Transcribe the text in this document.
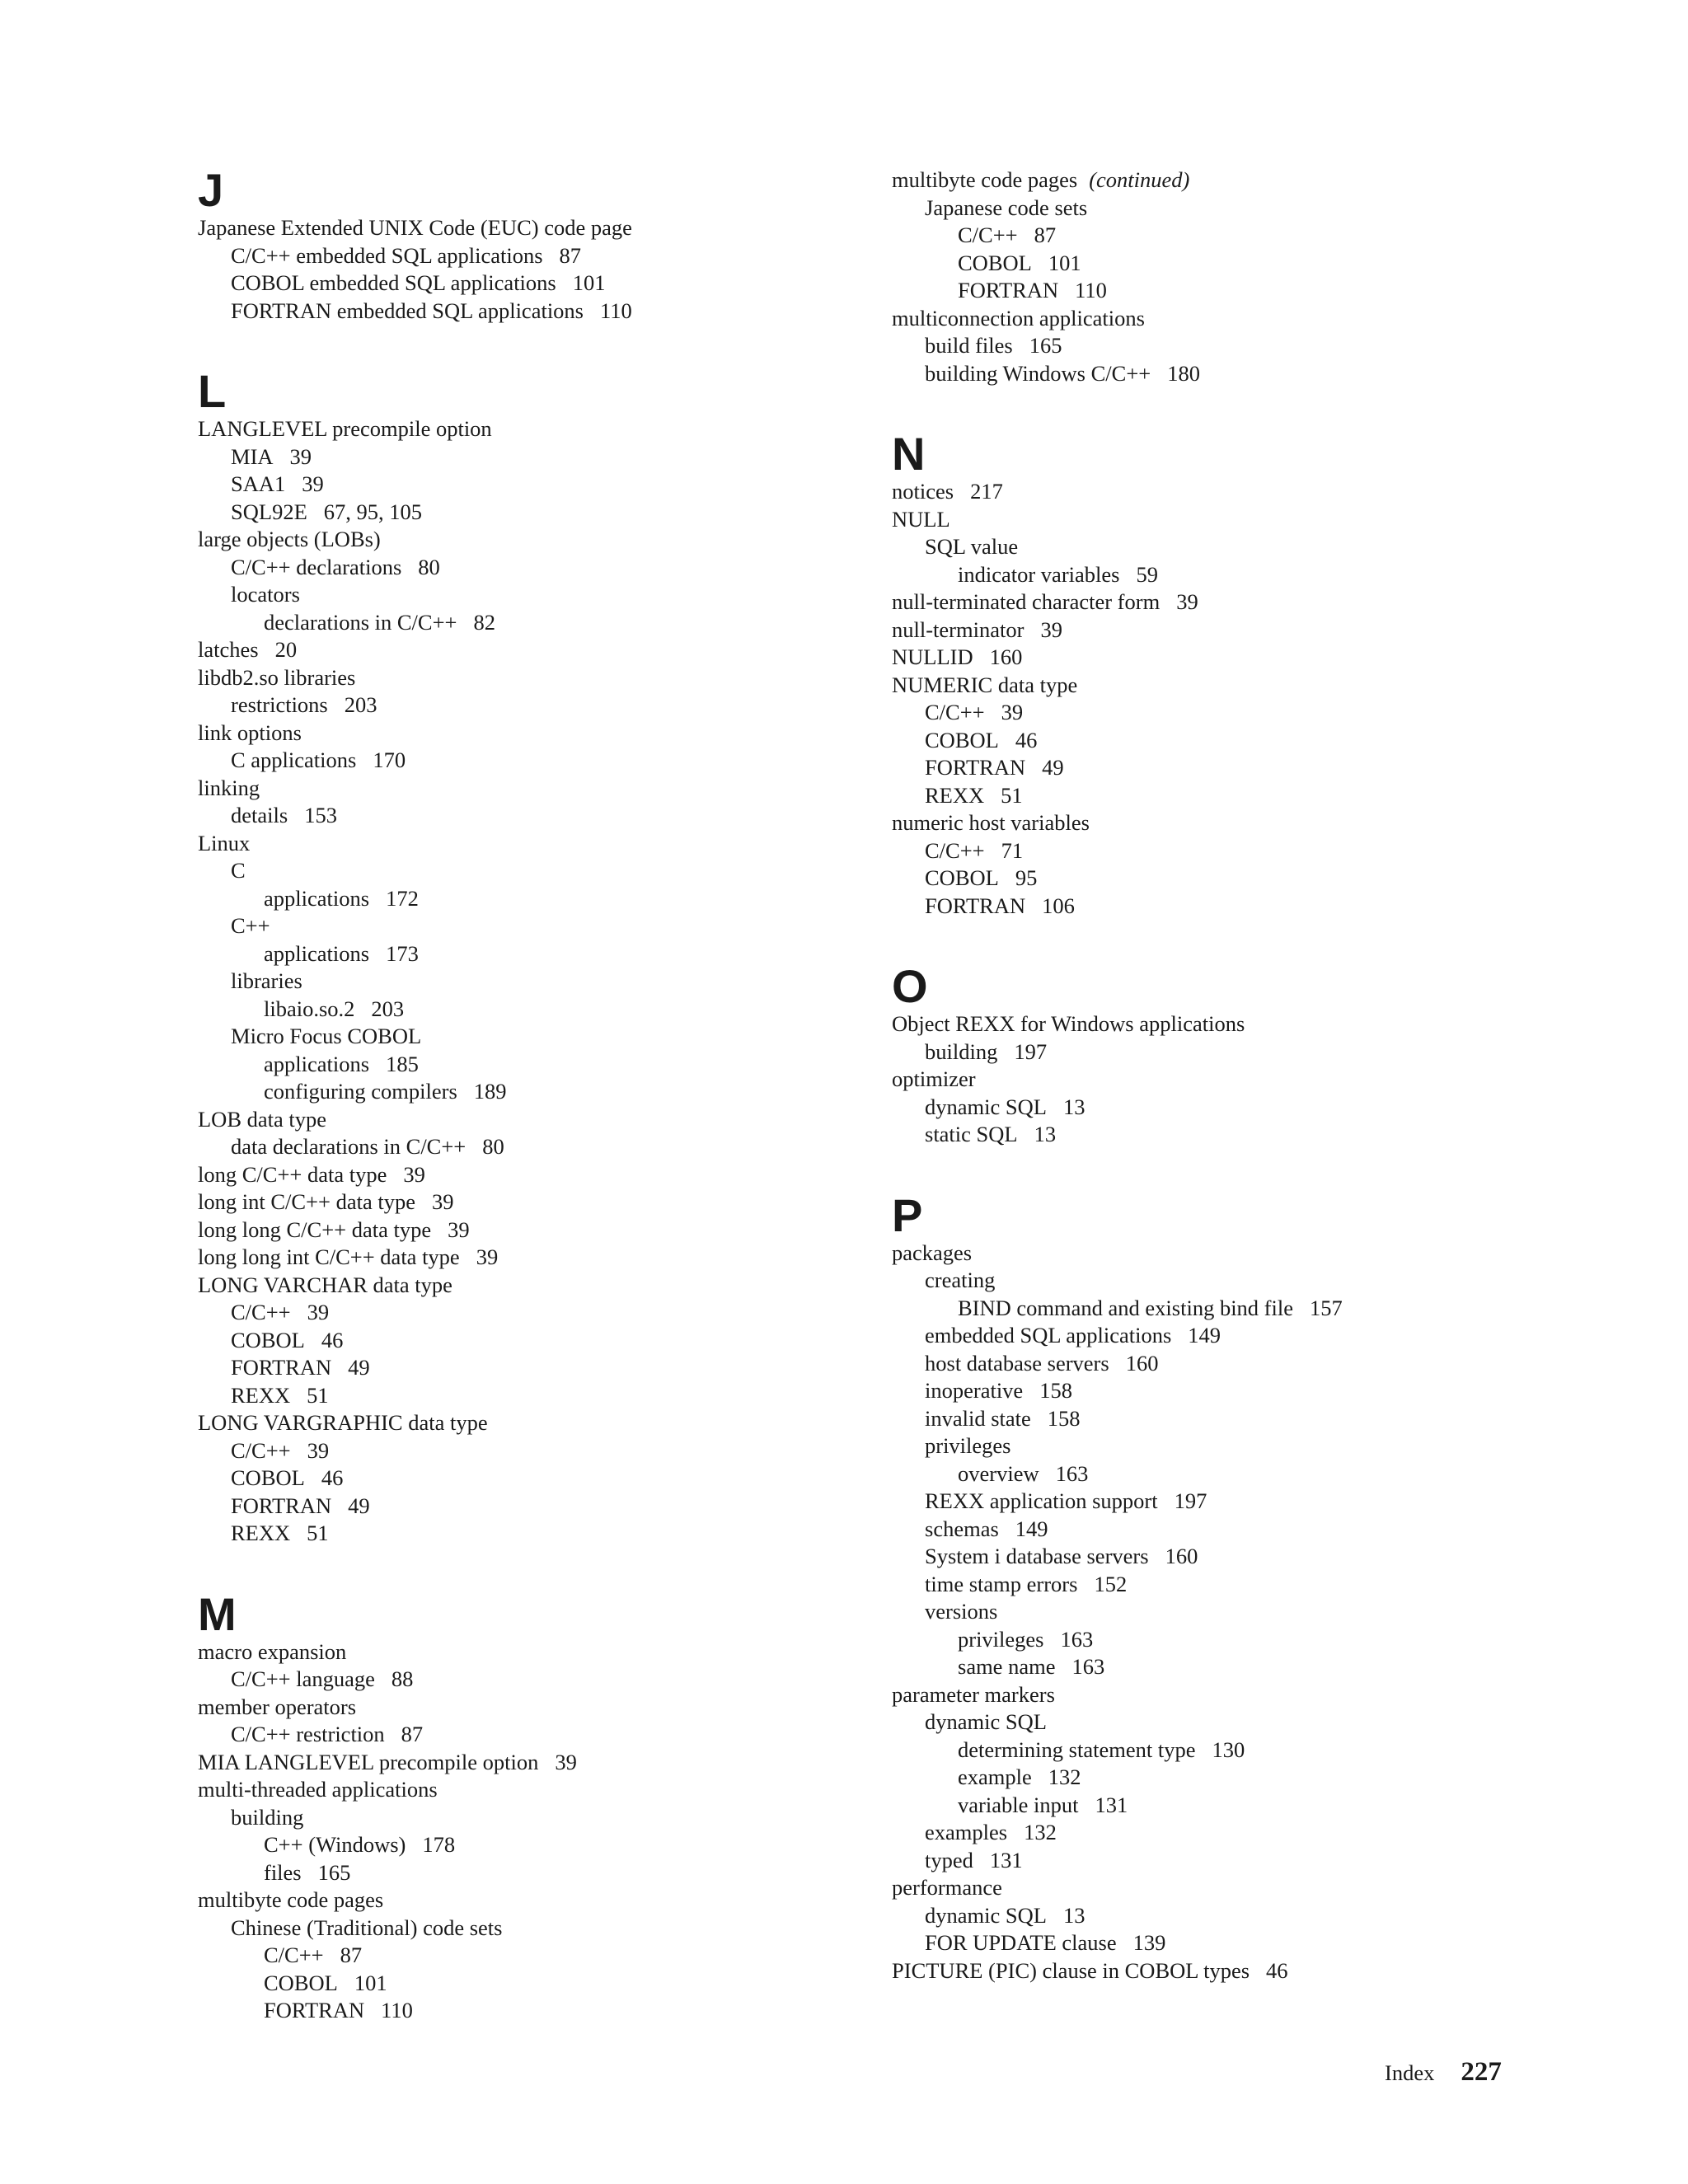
J
Japanese Extended UNIX Code (EUC) code page
C/C++ embedded SQL applications 87
COBOL embedded SQL applications 101
FORTRAN embedded SQL applications 110
L
LANGLEVEL precompile option
MIA 39
SAA1 39
SQL92E 67, 95, 105
large objects (LOBs)
C/C++ declarations 80
locators
declarations in C/C++ 82
latches 20
libdb2.so libraries
restrictions 203
link options
C applications 170
linking
details 153
Linux
C
applications 172
C++
applications 173
libraries
libaio.so.2 203
Micro Focus COBOL
applications 185
configuring compilers 189
LOB data type
data declarations in C/C++ 80
long C/C++ data type 39
long int C/C++ data type 39
long long C/C++ data type 39
long long int C/C++ data type 39
LONG VARCHAR data type
C/C++ 39
COBOL 46
FORTRAN 49
REXX 51
LONG VARGRAPHIC data type
C/C++ 39
COBOL 46
FORTRAN 49
REXX 51
M
macro expansion
C/C++ language 88
member operators
C/C++ restriction 87
MIA LANGLEVEL precompile option 39
multi-threaded applications
building
C++ (Windows) 178
files 165
multibyte code pages
Chinese (Traditional) code sets
C/C++ 87
COBOL 101
FORTRAN 110
multibyte code pages (continued)
Japanese code sets
C/C++ 87
COBOL 101
FORTRAN 110
multiconnection applications
build files 165
building Windows C/C++ 180
N
notices 217
NULL
SQL value
indicator variables 59
null-terminated character form 39
null-terminator 39
NULLID 160
NUMERIC data type
C/C++ 39
COBOL 46
FORTRAN 49
REXX 51
numeric host variables
C/C++ 71
COBOL 95
FORTRAN 106
O
Object REXX for Windows applications
building 197
optimizer
dynamic SQL 13
static SQL 13
P
packages
creating
BIND command and existing bind file 157
embedded SQL applications 149
host database servers 160
inoperative 158
invalid state 158
privileges
overview 163
REXX application support 197
schemas 149
System i database servers 160
time stamp errors 152
versions
privileges 163
same name 163
parameter markers
dynamic SQL
determining statement type 130
example 132
variable input 131
examples 132
typed 131
performance
dynamic SQL 13
FOR UPDATE clause 139
PICTURE (PIC) clause in COBOL types 46
Index 227
